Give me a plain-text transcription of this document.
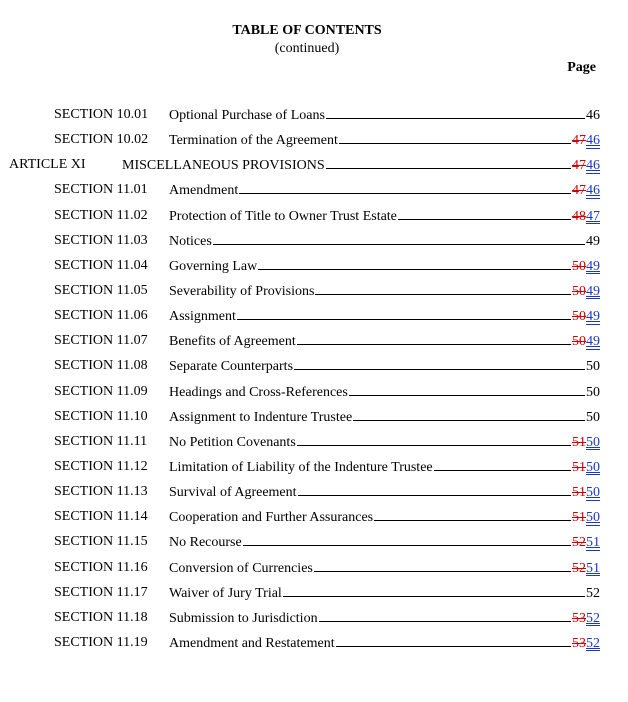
TABLE OF CONTENTS
(continued)
Page
SECTION 10.01 Optional Purchase of Loans	46
SECTION 10.02 Termination of the Agreement	4746
ARTICLE XI	MISCELLANEOUS PROVISIONS	4746
SECTION 11.01 Amendment	4746
SECTION 11.02 Protection of Title to Owner Trust Estate	4847
SECTION 11.03 Notices	49
SECTION 11.04 Governing Law	5049
SECTION 11.05 Severability of Provisions	5049
SECTION 11.06 Assignment	5049
SECTION 11.07 Benefits of Agreement	5049
SECTION 11.08 Separate Counterparts	50
SECTION 11.09 Headings and Cross-References	50
SECTION 11.10 Assignment to Indenture Trustee	50
SECTION 11.11 No Petition Covenants	5150
SECTION 11.12 Limitation of Liability of the Indenture Trustee	5150
SECTION 11.13 Survival of Agreement	5150
SECTION 11.14 Cooperation and Further Assurances	5150
SECTION 11.15 No Recourse	5251
SECTION 11.16 Conversion of Currencies	5251
SECTION 11.17 Waiver of Jury Trial	52
SECTION 11.18 Submission to Jurisdiction	5352
SECTION 11.19 Amendment and Restatement	5352
